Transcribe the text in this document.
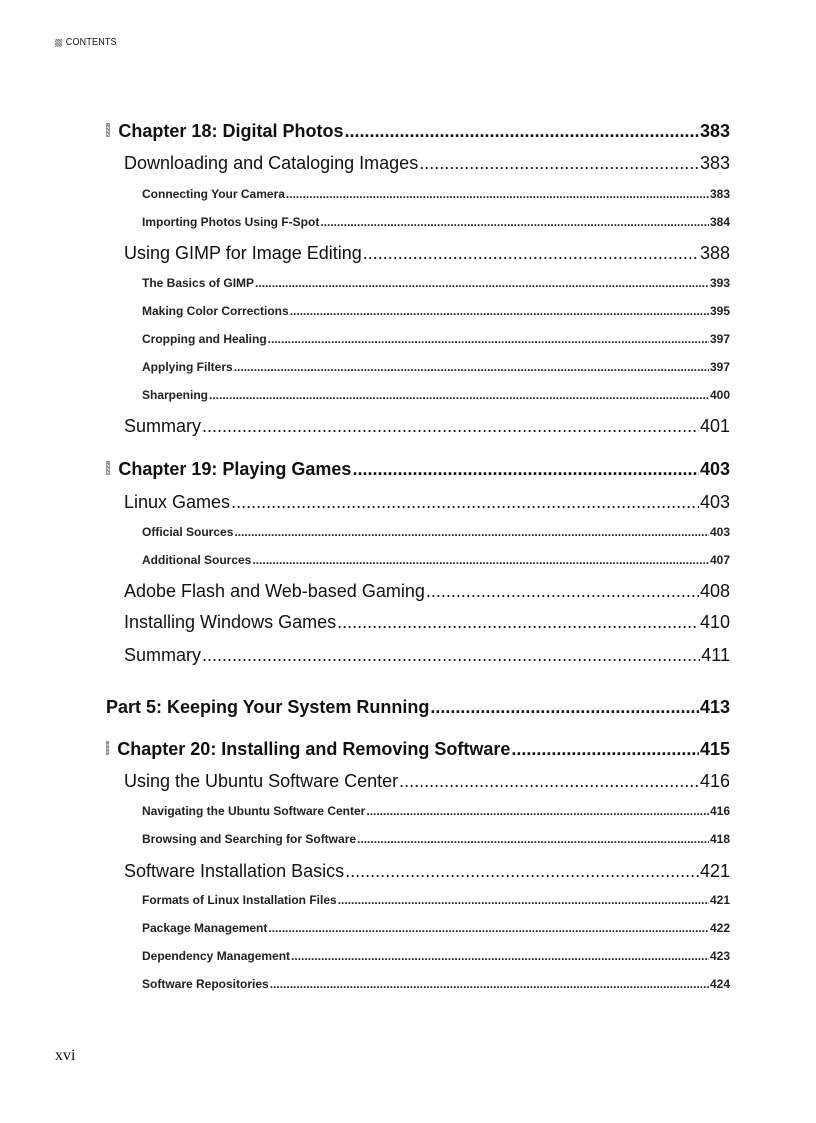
CONTENTS
Chapter 18: Digital Photos .....	383
Downloading and Cataloging Images .....	383
Connecting Your Camera .....	383
Importing Photos Using F-Spot .....	384
Using GIMP for Image Editing .....	388
The Basics of GIMP .....	393
Making Color Corrections .....	395
Cropping and Healing .....	397
Applying Filters .....	397
Sharpening .....	400
Summary .....	401
Chapter 19: Playing Games .....	403
Linux Games .....	403
Official Sources .....	403
Additional Sources .....	407
Adobe Flash and Web-based Gaming .....	408
Installing Windows Games .....	410
Summary .....	411
Part 5: Keeping Your System Running .....	413
Chapter 20: Installing and Removing Software .....	415
Using the Ubuntu Software Center .....	416
Navigating the Ubuntu Software Center .....	416
Browsing and Searching for Software .....	418
Software Installation Basics .....	421
Formats of Linux Installation Files .....	421
Package Management .....	422
Dependency Management .....	423
Software Repositories .....	424
xvi
